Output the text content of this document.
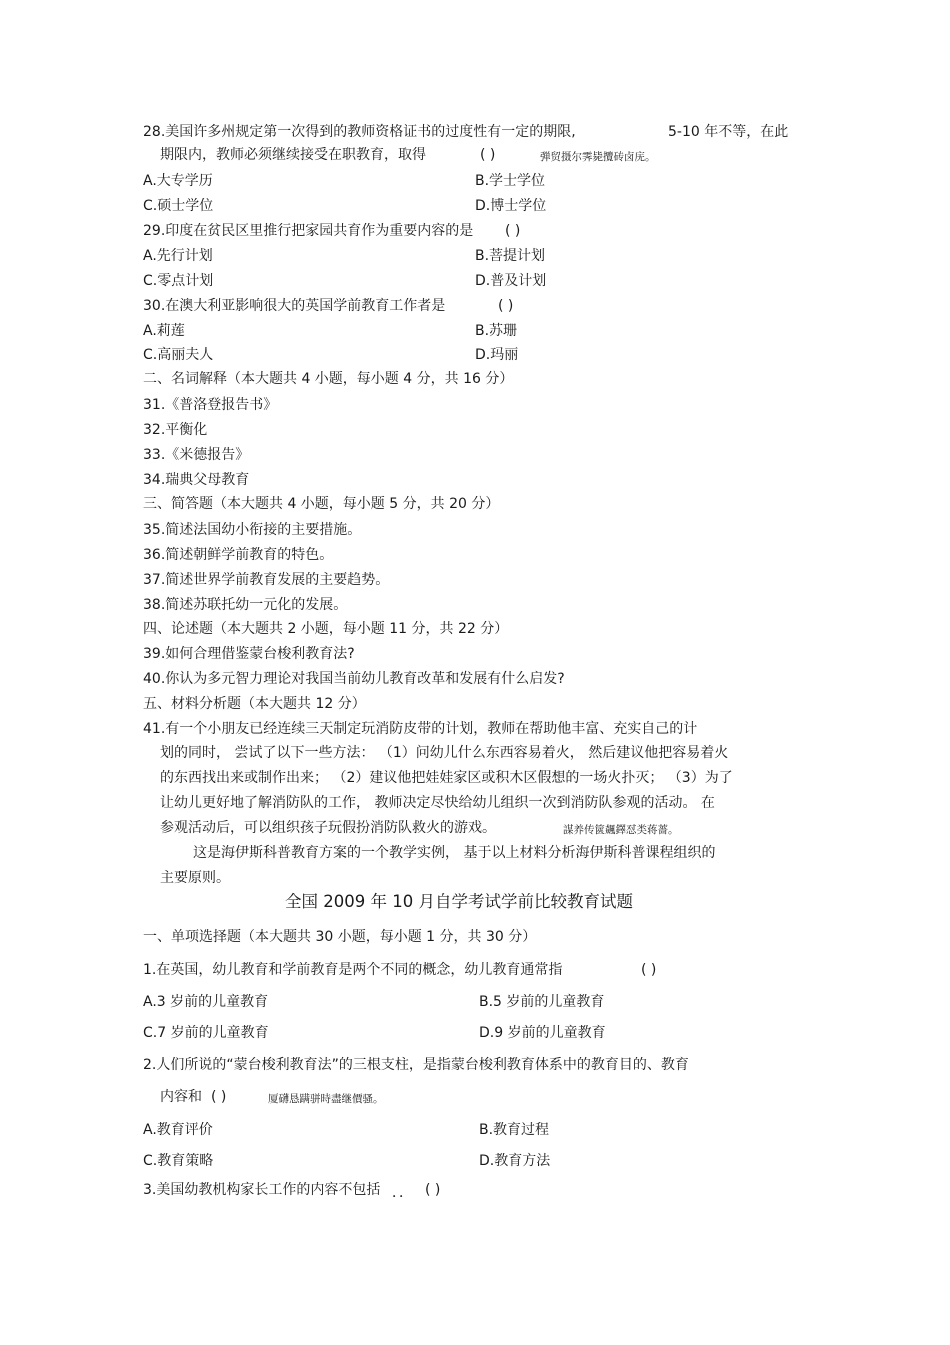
28.美国许多州规定第一次得到的教师资格证书的过度性有一定的期限,	5-10 年不等，在此
期限内，教师必须继续接受在职教育，取得	( )	弾贸摄尔霁毙攬砖卤庑。
A.大专学历	B.学士学位
C.硕士学位	D.博士学位
29.印度在贫民区里推行把家园共育作为重要内容的是 ( )
A.先行计划	B.菩提计划
C.零点计划	D.普及计划
30.在澳大利亚影响很大的英国学前教育工作者是	( )
A.莉莲	B.苏珊
C.高丽夫人	D.玛丽
二、名词解释（本大题共 4 小题，每小题 4 分，共 16 分）
31.《普洛登报告书》
32.平衡化
33.《米德报告》
34.瑞典父母教育
三、简答题（本大题共 4 小题，每小题 5 分，共 20 分）
35.简述法国幼小衔接的主要措施。
36.简述朝鲜学前教育的特色。
37.简述世界学前教育发展的主要趋势。
38.简述苏联托幼一元化的发展。
四、论述题（本大题共 2 小题，每小题 11 分，共 22 分）
39.如何合理借鉴蒙台梭利教育法?
40.你认为多元智力理论对我国当前幼儿教育改革和发展有什么启发?
五、材料分析题（本大题共 12 分）
41.有一个小朋友已经连续三天制定玩消防皮带的计划，教师在帮助他丰富、充实自己的计
划的同时， 尝试了以下一些方法： （1）问幼儿什么东西容易着火， 然后建议他把容易着火
的东西找出来或制作出来； （2）建议他把娃娃家区或积木区假想的一场火扑灭； （3）为了
让幼儿更好地了解消防队的工作， 教师决定尽快给幼儿组织一次到消防队参观的活动。 在
参观活动后，可以组织孩子玩假扮消防队救火的游戏。	謀养传篋飆鐸怼类蒋薔。
这是海伊斯科普教育方案的一个教学实例， 基于以上材料分析海伊斯科普课程组织的
主要原则。
全国 2009 年 10 月自学考试学前比较教育试题
一、单项选择题（本大题共 30 小题，每小题 1 分，共 30 分）
1.在英国，幼儿教育和学前教育是两个不同的概念，幼儿教育通常指	( )
A.3 岁前的儿童教育	B.5 岁前的儿童教育
C.7 岁前的儿童教育	D.9 岁前的儿童教育
2.人们所说的“蒙台梭利教育法”的三根支柱，是指蒙台梭利教育体系中的教育目的、教育
内容和 ( )	厦礴恳蹒骈時盡继價骚。
A.教育评价	B.教育过程
C.教育策略	D.教育方法
3.美国幼教机构家长工作的内容不包括 ．． ( )
